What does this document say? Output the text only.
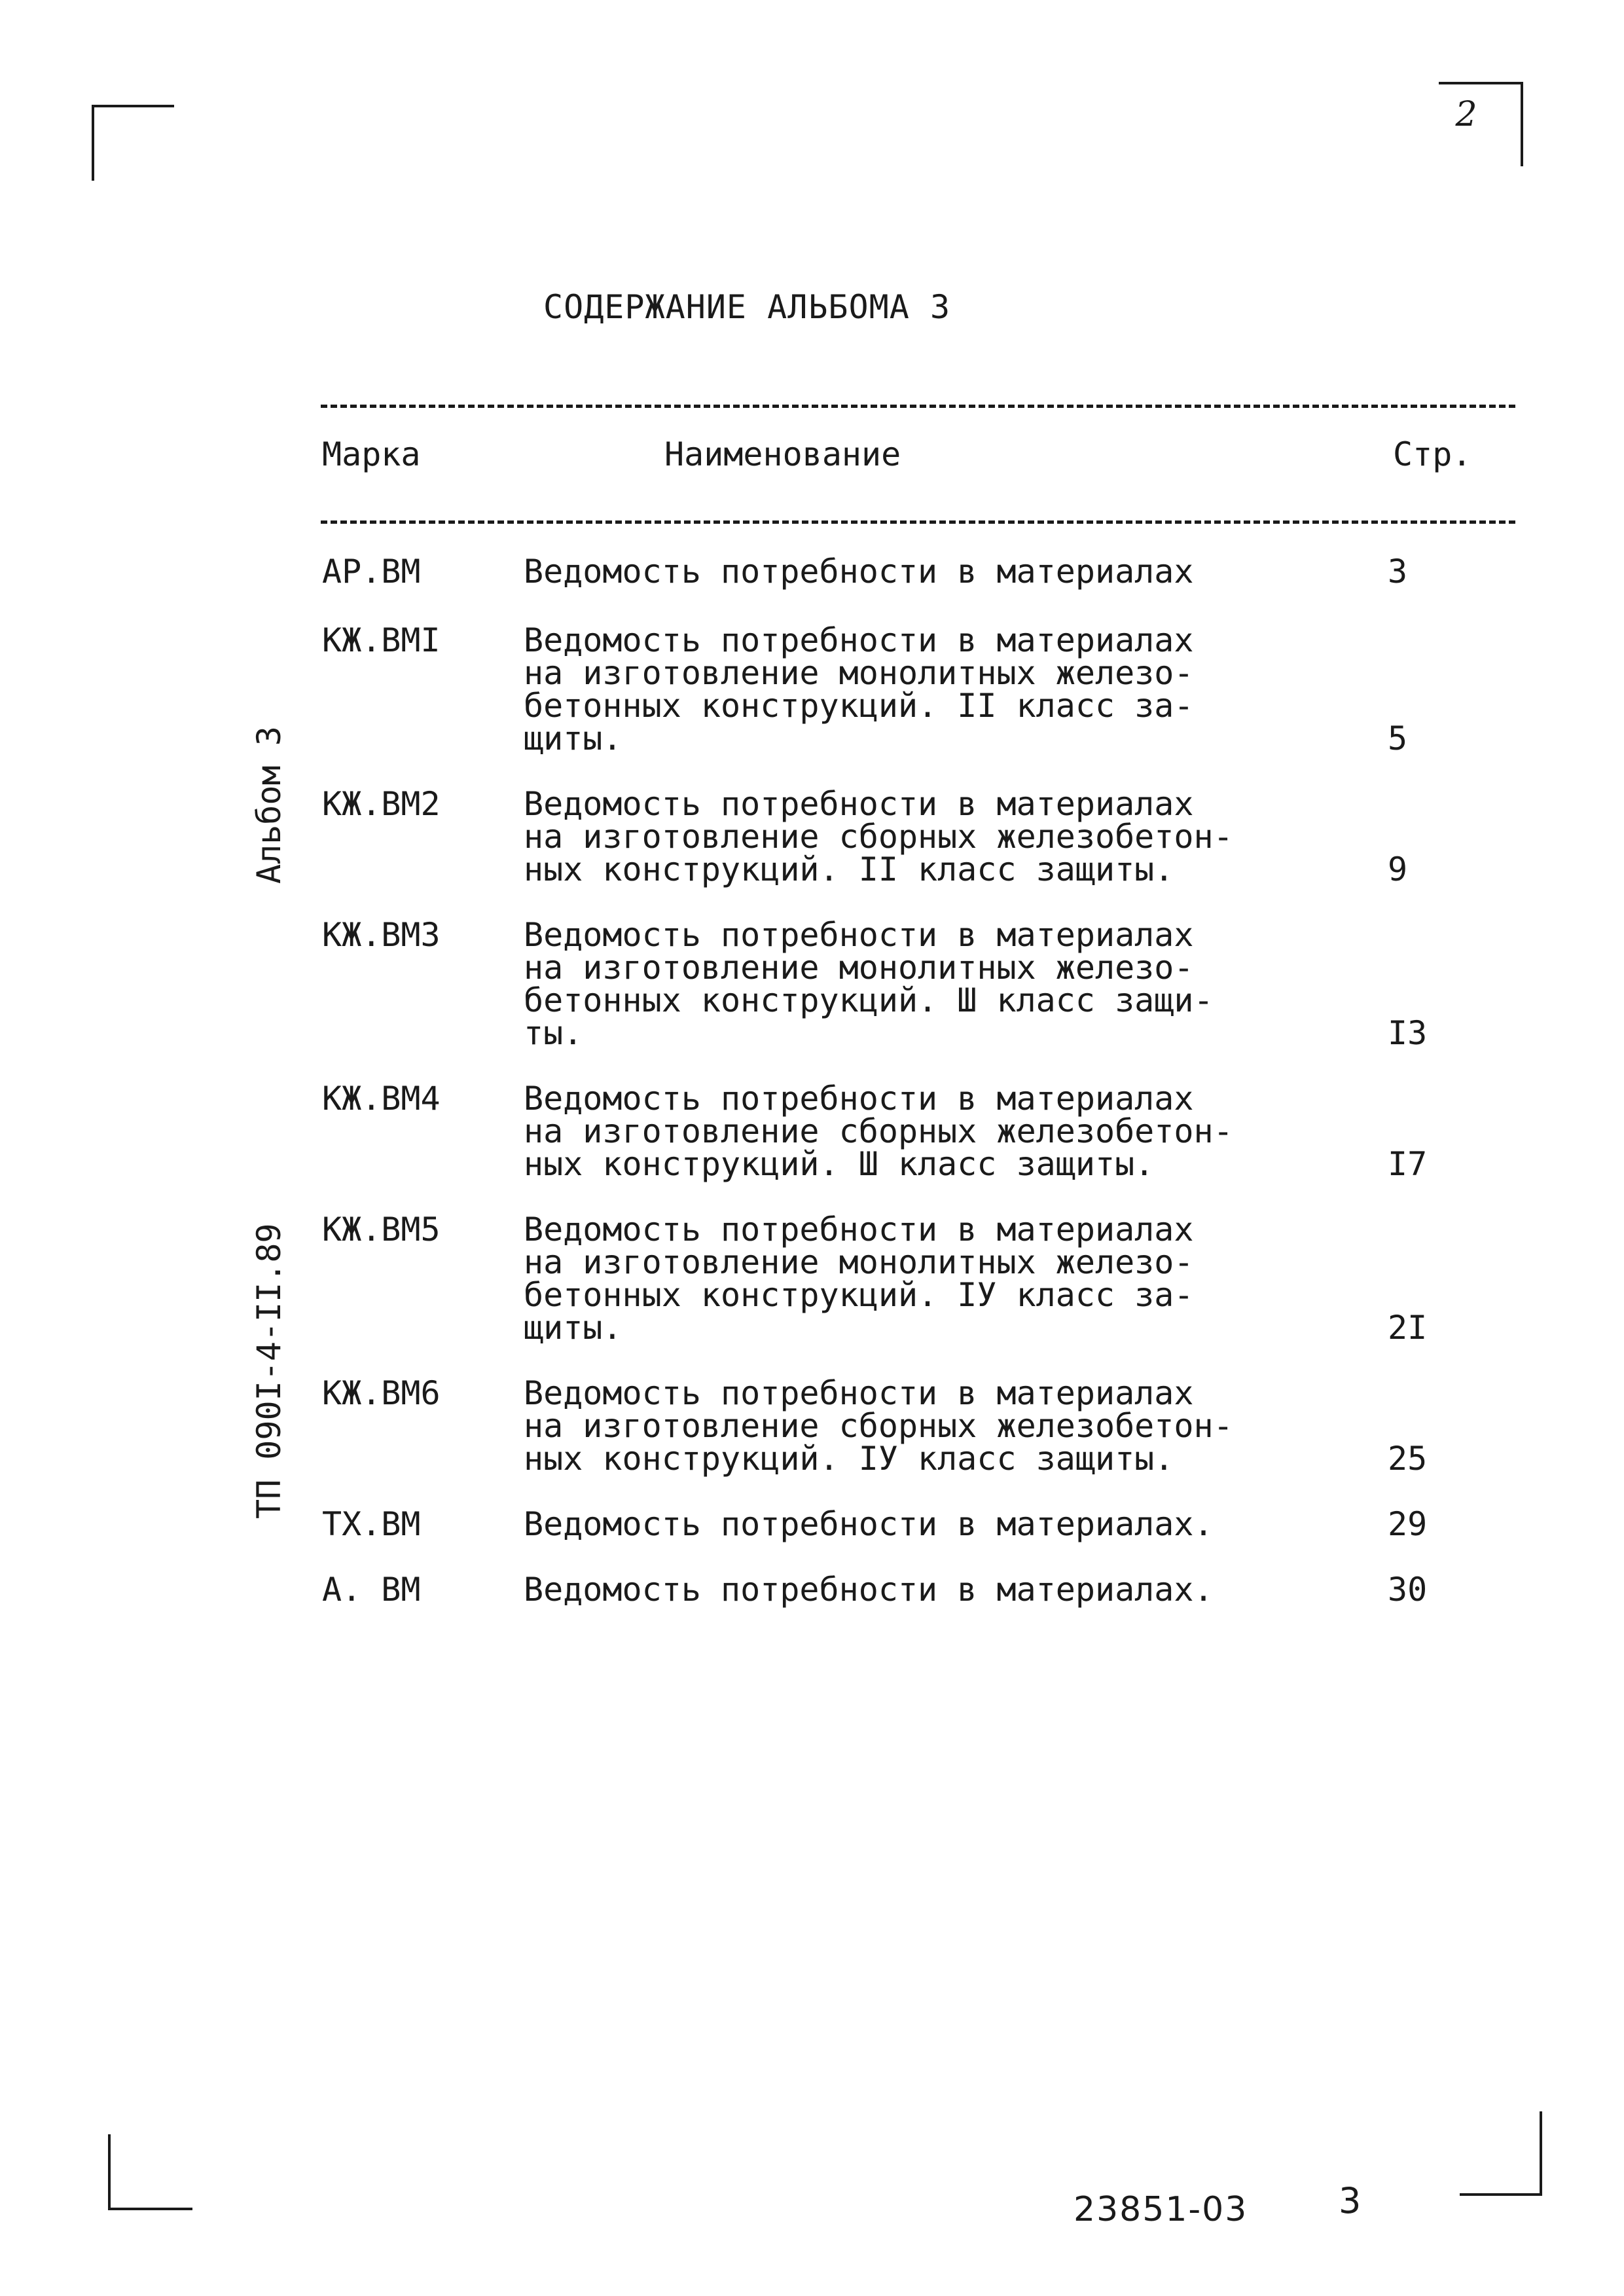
2
СОДЕРЖАНИЕ АЛЬБОМА 3
Марка	Наименование	Стр.
АР.ВМ	Ведомость потребности в материалах	3
КЖ.ВМI	Ведомость потребности в материалах
на изготовление монолитных железо-
бетонных конструкций. II класс за-
щиты.	5
КЖ.ВМ2	Ведомость потребности в материалах
на изготовление сборных железобетон-
ных конструкций. II класс защиты.	9
КЖ.ВМ3	Ведомость потребности в материалах
на изготовление монолитных железо-
бетонных конструкций. Ш класс защи-
ты.	I3
КЖ.ВМ4	Ведомость потребности в материалах
на изготовление сборных железобетон-
ных конструкций. Ш класс защиты.	I7
КЖ.ВМ5	Ведомость потребности в материалах
на изготовление монолитных железо-
бетонных конструкций. IУ класс за-
щиты.	2I
КЖ.ВМ6	Ведомость потребности в материалах
на изготовление сборных железобетон-
ных конструкций. IУ класс защиты.	25
ТХ.ВМ	Ведомость потребности в материалах.	29
А. ВМ	Ведомость потребности в материалах.	30
Альбом 3
ТП 090I-4-II.89
23851-03	3
